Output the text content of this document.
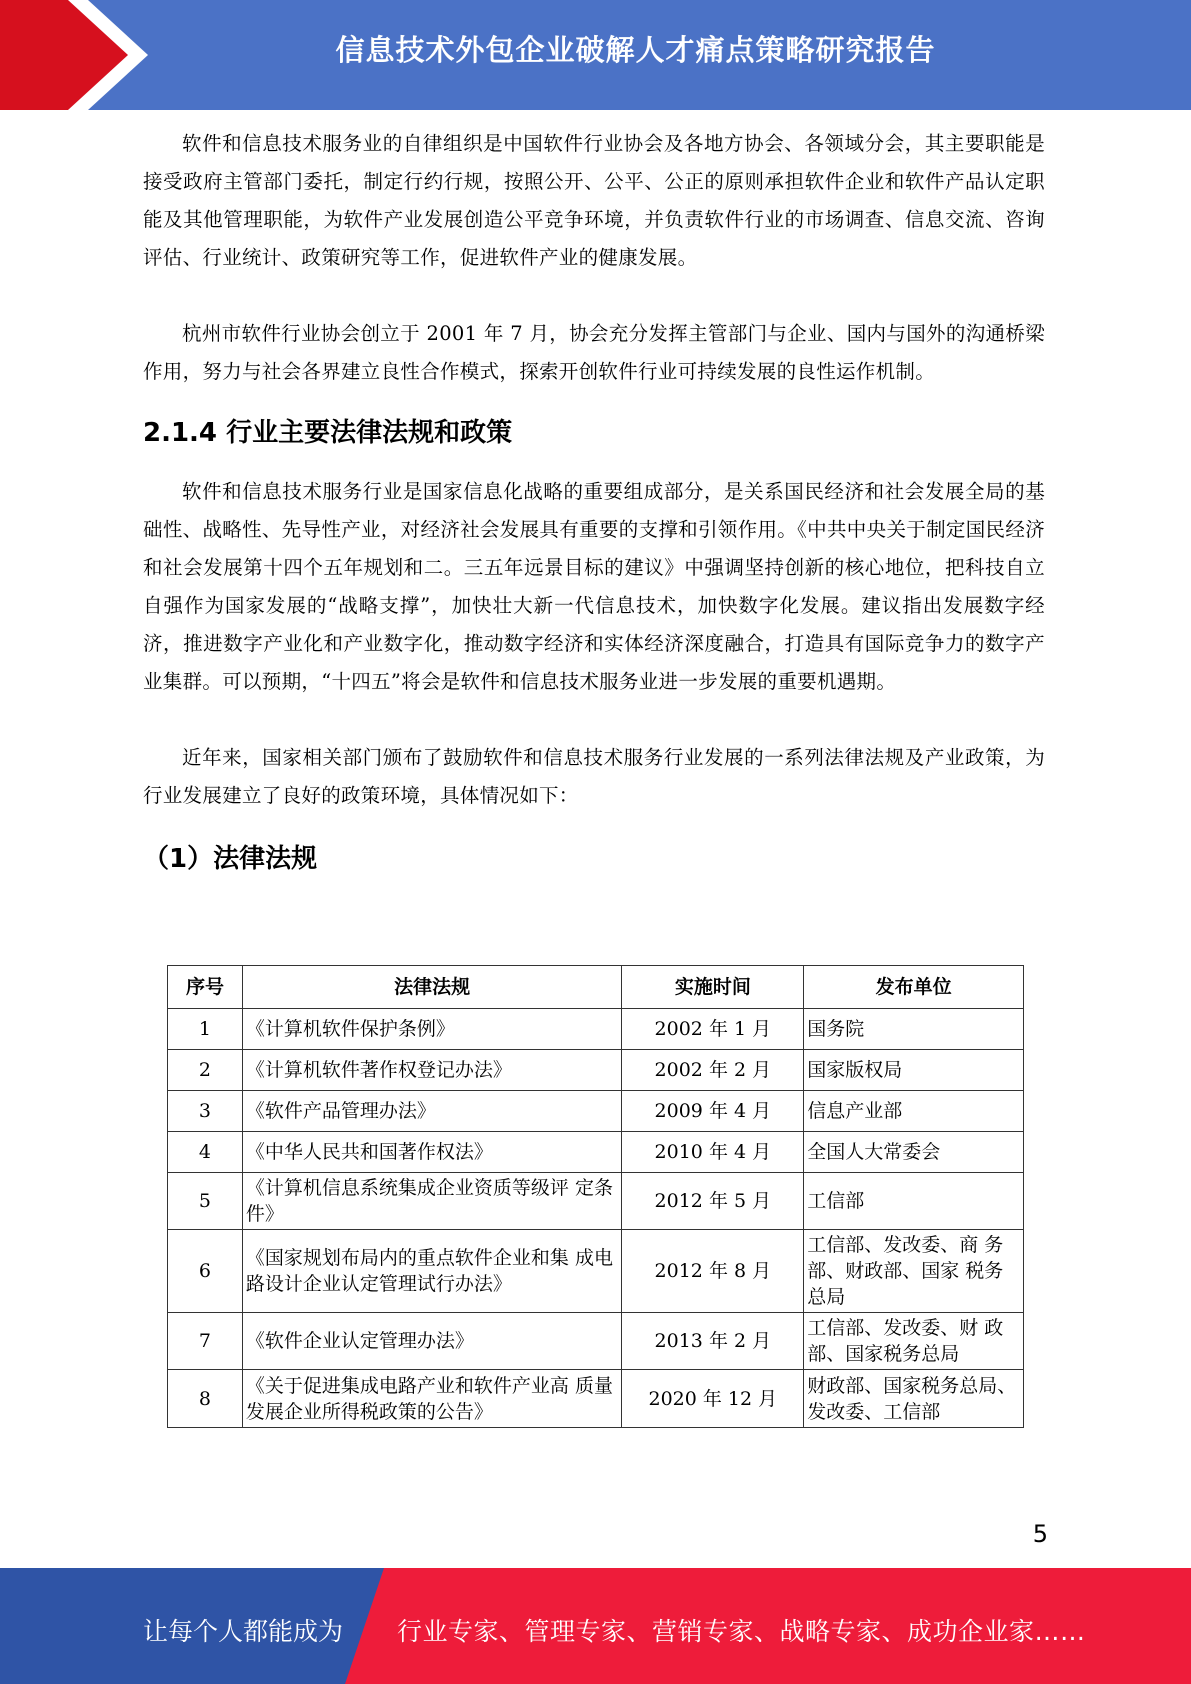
信息技术外包企业破解人才痛点策略研究报告

软件和信息技术服务业的自律组织是中国软件行业协会及各地方协会、各领域分会，其主要职能是接受政府主管部门委托，制定行约行规，按照公开、公平、公正的原则承担软件企业和软件产品认定职能及其他管理职能，为软件产业发展创造公平竞争环境，并负责软件行业的市场调查、信息交流、咨询评估、行业统计、政策研究等工作，促进软件产业的健康发展。

杭州市软件行业协会创立于 2001 年 7 月，协会充分发挥主管部门与企业、国内与国外的沟通桥梁作用，努力与社会各界建立良性合作模式，探索开创软件行业可持续发展的良性运作机制。

2.1.4 行业主要法律法规和政策

软件和信息技术服务行业是国家信息化战略的重要组成部分，是关系国民经济和社会发展全局的基础性、战略性、先导性产业，对经济社会发展具有重要的支撑和引领作用。《中共中央关于制定国民经济和社会发展第十四个五年规划和二。三五年远景目标的建议》中强调坚持创新的核心地位，把科技自立自强作为国家发展的“战略支撑”，加快壮大新一代信息技术，加快数字化发展。建议指出发展数字经济，推进数字产业化和产业数字化，推动数字经济和实体经济深度融合，打造具有国际竞争力的数字产业集群。可以预期，“十四五”将会是软件和信息技术服务业进一步发展的重要机遇期。

近年来，国家相关部门颁布了鼓励软件和信息技术服务行业发展的一系列法律法规及产业政策，为行业发展建立了良好的政策环境，具体情况如下：

（1）法律法规
序号	法律法规	实施时间	发布单位
1	《计算机软件保护条例》	2002 年 1 月	国务院
2	《计算机软件著作权登记办法》	2002 年 2 月	国家版权局
3	《软件产品管理办法》	2009 年 4 月	信息产业部
4	《中华人民共和国著作权法》	2010 年 4 月	全国人大常委会
5	《计算机信息系统集成企业资质等级评 定条件》	2012 年 5 月	工信部
6	《国家规划布局内的重点软件企业和集 成电路设计企业认定管理试行办法》	2012 年 8 月	工信部、发改委、商 务部、财政部、国家 税务总局
7	《软件企业认定管理办法》	2013 年 2 月	工信部、发改委、财 政部、国家税务总局
8	《关于促进集成电路产业和软件产业高 质量发展企业所得税政策的公告》	2020 年 12 月	财政部、国家税务总局、发改委、工信部
5
让每个人都能成为 行业专家、管理专家、营销专家、战略专家、成功企业家……
